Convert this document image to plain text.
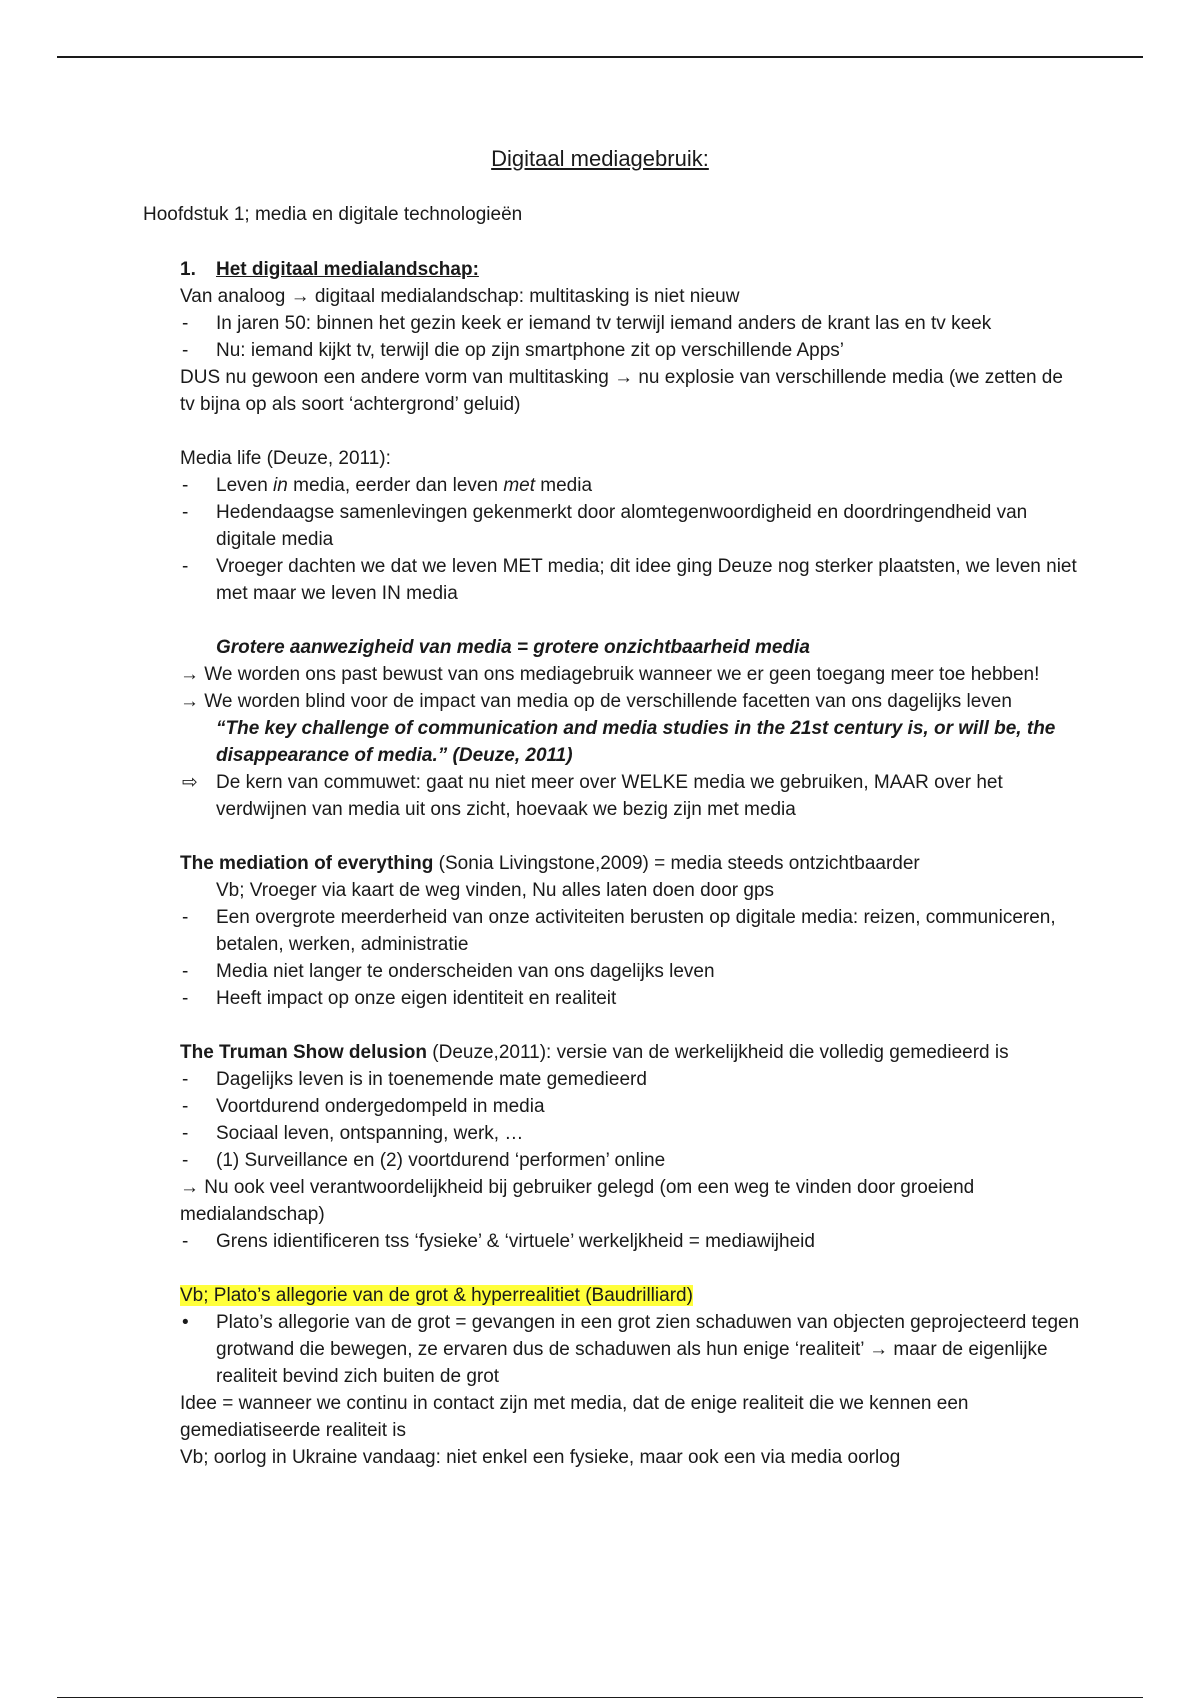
Digitaal mediagebruik:
Hoofdstuk 1; media en digitale technologieën
1.	Het digitaal medialandschap:
Van analoog → digitaal medialandschap: multitasking is niet nieuw
-	In jaren 50: binnen het gezin keek er iemand tv terwijl iemand anders de krant las en tv keek
-	Nu: iemand kijkt tv, terwijl die op zijn smartphone zit op verschillende Apps’
DUS nu gewoon een andere vorm van multitasking → nu explosie van verschillende media (we zetten de tv bijna op als soort ‘achtergrond’ geluid)
Media life (Deuze, 2011):
-	Leven in media, eerder dan leven met media
-	Hedendaagse samenlevingen gekenmerkt door alomtegenwoordigheid en doordringendheid van digitale media
-	Vroeger dachten we dat we leven MET media; dit idee ging Deuze nog sterker plaatsten, we leven niet met maar we leven IN media
Grotere aanwezigheid van media = grotere onzichtbaarheid media
→ We worden ons past bewust van ons mediagebruik wanneer we er geen toegang meer toe hebben!
→ We worden blind voor de impact van media op de verschillende facetten van ons dagelijks leven
“The key challenge of communication and media studies in the 21st century is, or will be, the disappearance of media.” (Deuze, 2011)
⇨ De kern van commuwet: gaat nu niet meer over WELKE media we gebruiken, MAAR over het verdwijnen van media uit ons zicht, hoevaak we bezig zijn met media
The mediation of everything (Sonia Livingstone,2009) = media steeds ontzichtbaarder
Vb; Vroeger via kaart de weg vinden, Nu alles laten doen door gps
-	Een overgrote meerderheid van onze activiteiten berusten op digitale media: reizen, communiceren, betalen, werken, administratie
-	Media niet langer te onderscheiden van ons dagelijks leven
-	Heeft impact op onze eigen identiteit en realiteit
The Truman Show delusion (Deuze,2011): versie van de werkelijkheid die volledig gemedieerd is
-	Dagelijks leven is in toenemende mate gemedieerd
-	Voortdurend ondergedompeld in media
-	Sociaal leven, ontspanning, werk, …
-	(1) Surveillance en (2) voortdurend ‘performen’ online
→ Nu ook veel verantwoordelijkheid bij gebruiker gelegd (om een weg te vinden door groeiend medialandschap)
-	Grens idientificeren tss ‘fysieke’ & ‘virtuele’ werkeljkheid = mediawijheid
Vb; Plato’s allegorie van de grot & hyperrealitiet (Baudrilliard)
•	Plato’s allegorie van de grot = gevangen in een grot zien schaduwen van objecten geprojecteerd tegen grotwand die bewegen, ze ervaren dus de schaduwen als hun enige ‘realiteit’ → maar de eigenlijke realiteit bevind zich buiten de grot
Idee = wanneer we continu in contact zijn met media, dat de enige realiteit die we kennen een gemediatiseerde realiteit is
Vb; oorlog in Ukraine vandaag: niet enkel een fysieke, maar ook een via media oorlog
